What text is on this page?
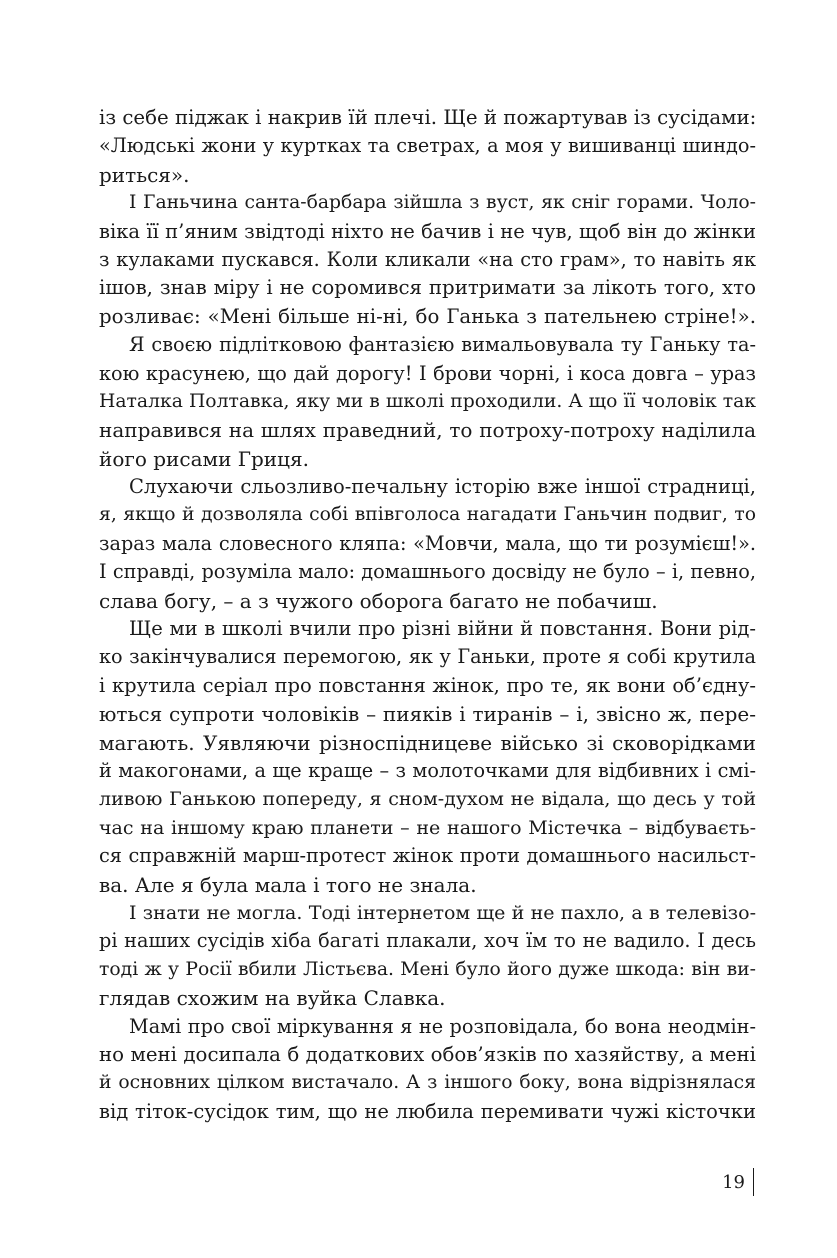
із себе піджак і накрив їй плечі. Ще й пожартував із сусідами:
«Людські жони у куртках та светрах, а моя у вишиванці шиндо-
риться».
І Ганьчина санта-барбара зійшла з вуст, як сніг горами. Чоло-
віка її п’яним звідтоді ніхто не бачив і не чув, щоб він до жінки
з кулаками пускався. Коли кликали «на сто грам», то навіть як
ішов, знав міру і не соромився притримати за лікоть того, хто
розливає: «Мені більше ні-ні, бо Ганька з пательнею стріне!».
Я своєю підлітковою фантазією вимальовувала ту Ганьку та-
кою красунею, що дай дорогу! І брови чорні, і коса довга – ураз
Наталка Полтавка, яку ми в школі проходили. А що її чоловік так
направився на шлях праведний, то потроху-потроху наділила
його рисами Гриця.
Слухаючи сльозливо-печальну історію вже іншої страдниці,
я, якщо й дозволяла собі впівголоса нагадати Ганьчин подвиг, то
зараз мала словесного кляпа: «Мовчи, мала, що ти розумієш!».
І справді, розуміла мало: домашнього досвіду не було – і, певно,
слава богу, – а з чужого оборога багато не побачиш.
Ще ми в школі вчили про різні війни й повстання. Вони рід-
ко закінчувалися перемогою, як у Ганьки, проте я собі крутила
і крутила серіал про повстання жінок, про те, як вони об’єдну-
ються супроти чоловіків – пияків і тиранів – і, звісно ж, пере-
магають. Уявляючи різноспідницеве військо зі сковорідками
й макогонами, а ще краще – з молоточками для відбивних і смі-
ливою Ганькою попереду, я сном-духом не відала, що десь у той
час на іншому краю планети – не нашого Містечка – відбуваєть-
ся справжній марш-протест жінок проти домашнього насильст-
ва. Але я була мала і того не знала.
І знати не могла. Тоді інтернетом ще й не пахло, а в телевізо-
рі наших сусідів хіба багаті плакали, хоч їм то не вадило. І десь
тоді ж у Росії вбили Лістьєва. Мені було його дуже шкода: він ви-
глядав схожим на вуйка Славка.
Мамі про свої міркування я не розповідала, бо вона неодмін-
но мені досипала б додаткових обов’язків по хазяйству, а мені
й основних цілком вистачало. А з іншого боку, вона відрізнялася
від тіток-сусідок тим, що не любила перемивати чужі кісточки
19
